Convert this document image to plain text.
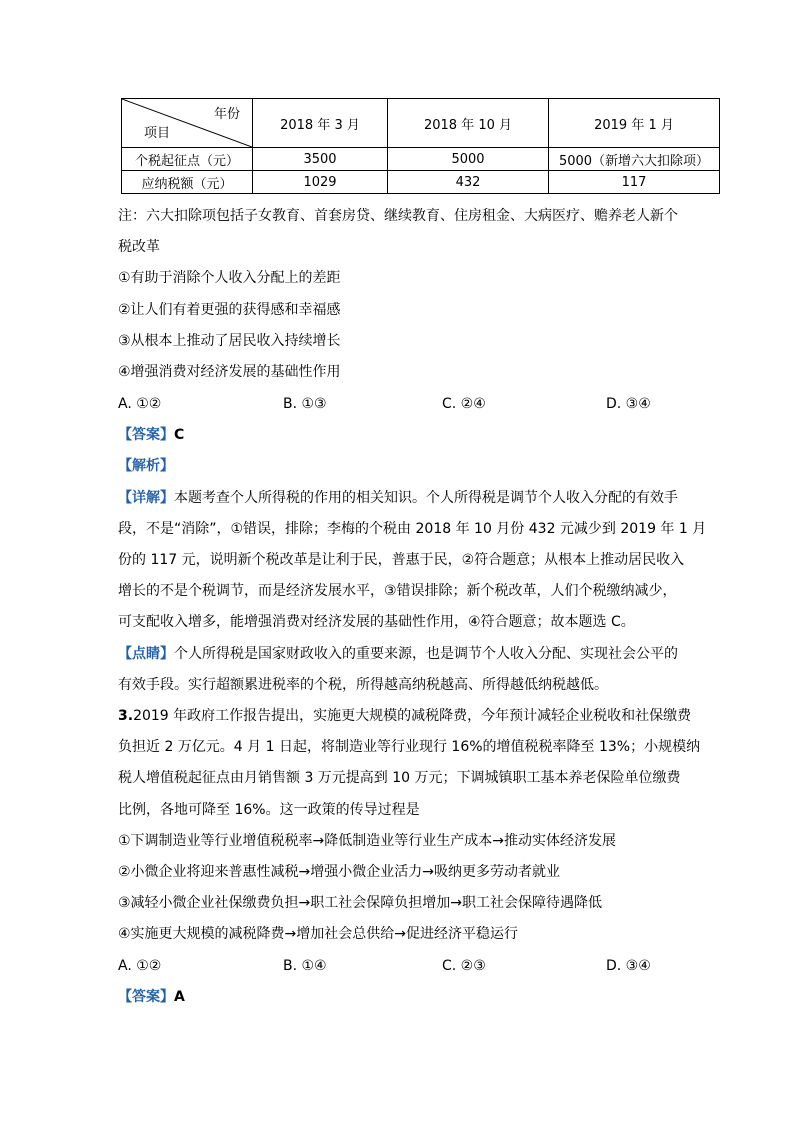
年份
项目	2018 年 3 月	2018 年 10 月	2019 年 1 月
个税起征点（元）	3500	5000	5000（新增六大扣除项）
应纳税额（元）	1029	432	117
注：六大扣除项包括子女教育、首套房贷、继续教育、住房租金、大病医疗、赡养老人新个
税改革
①有助于消除个人收入分配上的差距
②让人们有着更强的获得感和幸福感
③从根本上推动了居民收入持续增长
④增强消费对经济发展的基础性作用
A. ①②	B. ①③	C. ②④	D. ③④
【答案】C
【解析】
【详解】本题考查个人所得税的作用的相关知识。个人所得税是调节个人收入分配的有效手
段，不是“消除”，①错误，排除；李梅的个税由 2018 年 10 月份 432 元减少到 2019 年 1 月
份的 117 元，说明新个税改革是让利于民，普惠于民，②符合题意；从根本上推动居民收入
增长的不是个税调节，而是经济发展水平，③错误排除；新个税改革，人们个税缴纳减少，
可支配收入增多，能增强消费对经济发展的基础性作用，④符合题意；故本题选 C。
【点睛】个人所得税是国家财政收入的重要来源，也是调节个人收入分配、实现社会公平的
有效手段。实行超额累进税率的个税，所得越高纳税越高、所得越低纳税越低。
3.2019 年政府工作报告提出，实施更大规模的减税降费，今年预计减轻企业税收和社保缴费
负担近 2 万亿元。4 月 1 日起，将制造业等行业现行 16%的增值税税率降至 13%；小规模纳
税人增值税起征点由月销售额 3 万元提高到 10 万元；下调城镇职工基本养老保险单位缴费
比例，各地可降至 16%。这一政策的传导过程是
①下调制造业等行业增值税税率→降低制造业等行业生产成本→推动实体经济发展
②小微企业将迎来普惠性减税→增强小微企业活力→吸纳更多劳动者就业
③减轻小微企业社保缴费负担→职工社会保障负担增加→职工社会保障待遇降低
④实施更大规模的减税降费→增加社会总供给→促进经济平稳运行
A. ①②	B. ①④	C. ②③	D. ③④
【答案】A
